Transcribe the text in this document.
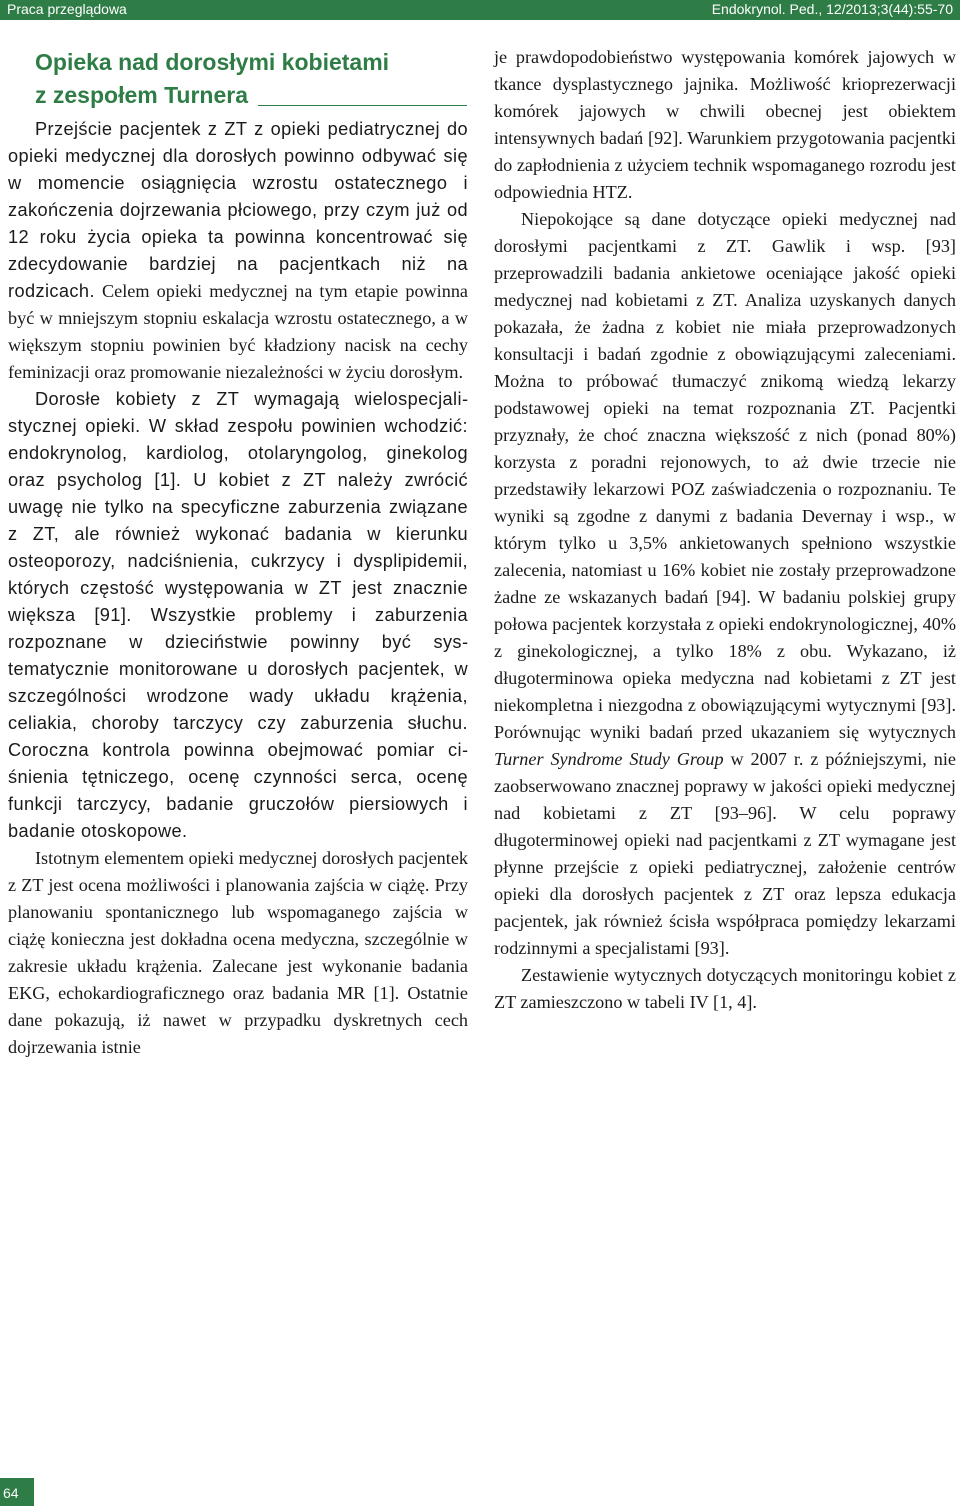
Praca przeglądowa	Endokrynol. Ped., 12/2013;3(44):55-70
Opieka nad dorosłymi kobietami
z zespołem Turnera

Przejście pacjentek z ZT z opieki pediatrycznej do opieki medycznej dla dorosłych powinno odbywać się w momencie osiągnięcia wzrostu ostatecznego i zakończenia dojrzewania płciowego, przy czym już od 12 roku życia opieka ta powinna koncentrować się zdecydowanie bardziej na pacjentkach niż na rodzicach. Celem opieki medycznej na tym etapie powinna być w mniejszym stopniu eskalacja wzrostu ostatecznego, a w większym stopniu powinien być kładziony nacisk na cechy feminizacji oraz promowanie niezależności w życiu dorosłym.

Dorosłe kobiety z ZT wymagają wielospecjalistycznej opieki. W skład zespołu powinien wchodzić: endokrynolog, kardiolog, otolaryngolog, ginekolog oraz psycholog [1]. U kobiet z ZT należy zwrócić uwagę nie tylko na specyficzne zaburzenia związane z ZT, ale również wykonać badania w kierunku osteoporozy, nadciśnienia, cukrzycy i dysplipidemii, których częstość występowania w ZT jest znacznie większa [91]. Wszystkie problemy i zaburzenia rozpoznane w dzieciństwie powinny być systematycznie monitorowane u dorosłych pacjentek, w szczególności wrodzone wady układu krążenia, celiakia, choroby tarczycy czy zaburzenia słuchu. Coroczna kontrola powinna obejmować pomiar ciśnienia tętniczego, ocenę czynności serca, ocenę funkcji tarczycy, badanie gruczołów piersiowych i badanie otoskopowe.

Istotnym elementem opieki medycznej dorosłych pacjentek z ZT jest ocena możliwości i planowania zajścia w ciążę. Przy planowaniu spontanicznego lub wspomaganego zajścia w ciążę konieczna jest dokładna ocena medyczna, szczególnie w zakresie układu krążenia. Zalecane jest wykonanie badania EKG, echokardiograficznego oraz badania MR [1]. Ostatnie dane pokazują, iż nawet w przypadku dyskretnych cech dojrzewania istnie

je prawdopodobieństwo występowania komórek jajowych w tkance dysplastycznego jajnika. Możliwość krioprezerwacji komórek jajowych w chwili obecnej jest obiektem intensywnych badań [92]. Warunkiem przygotowania pacjentki do zapłodnienia z użyciem technik wspomaganego rozrodu jest odpowiednia HTZ.

Niepokojące są dane dotyczące opieki medycznej nad dorosłymi pacjentkami z ZT. Gawlik i wsp. [93] przeprowadzili badania ankietowe oceniające jakość opieki medycznej nad kobietami z ZT. Analiza uzyskanych danych pokazała, że żadna z kobiet nie miała przeprowadzonych konsultacji i badań zgodnie z obowiązującymi zaleceniami. Można to próbować tłumaczyć znikomą wiedzą lekarzy podstawowej opieki na temat rozpoznania ZT. Pacjentki przyznały, że choć znaczna większość z nich (ponad 80%) korzysta z poradni rejonowych, to aż dwie trzecie nie przedstawiły lekarzowi POZ zaświadczenia o rozpoznaniu. Te wyniki są zgodne z danymi z badania Devernay i wsp., w którym tylko u 3,5% ankietowanych spełniono wszystkie zalecenia, natomiast u 16% kobiet nie zostały przeprowadzone żadne ze wskazanych badań [94]. W badaniu polskiej grupy połowa pacjentek korzystała z opieki endokrynologicznej, 40% z ginekologicznej, a tylko 18% z obu. Wykazano, iż długoterminowa opieka medyczna nad kobietami z ZT jest niekompletna i niezgodna z obowiązującymi wytycznymi [93]. Porównując wyniki badań przed ukazaniem się wytycznych Turner Syndrome Study Group w 2007 r. z późniejszymi, nie zaobserwowano znacznej poprawy w jakości opieki medycznej nad kobietami z ZT [93–96]. W celu poprawy długoterminowej opieki nad pacjentkami z ZT wymagane jest płynne przejście z opieki pediatrycznej, założenie centrów opieki dla dorosłych pacjentek z ZT oraz lepsza edukacja pacjentek, jak również ścisła współpraca pomiędzy lekarzami rodzinnymi a specjalistami [93].

Zestawienie wytycznych dotyczących monitoringu kobiet z ZT zamieszczono w tabeli IV [1, 4].

64
